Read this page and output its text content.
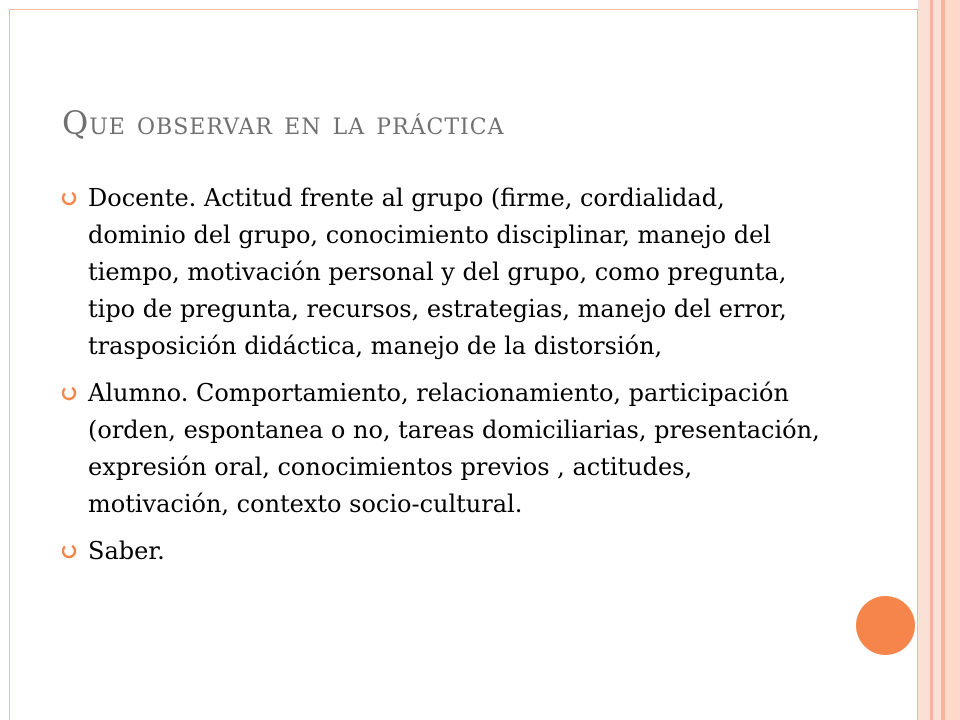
Que observar en la práctica
Docente. Actitud frente al grupo (firme, cordialidad, dominio del grupo, conocimiento disciplinar, manejo del tiempo, motivación personal y del grupo, como pregunta, tipo de pregunta, recursos, estrategias, manejo del error, trasposición didáctica, manejo de la distorsión,
Alumno. Comportamiento, relacionamiento, participación (orden, espontanea o no, tareas domiciliarias, presentación, expresión oral, conocimientos previos , actitudes, motivación, contexto socio-cultural.
Saber.
